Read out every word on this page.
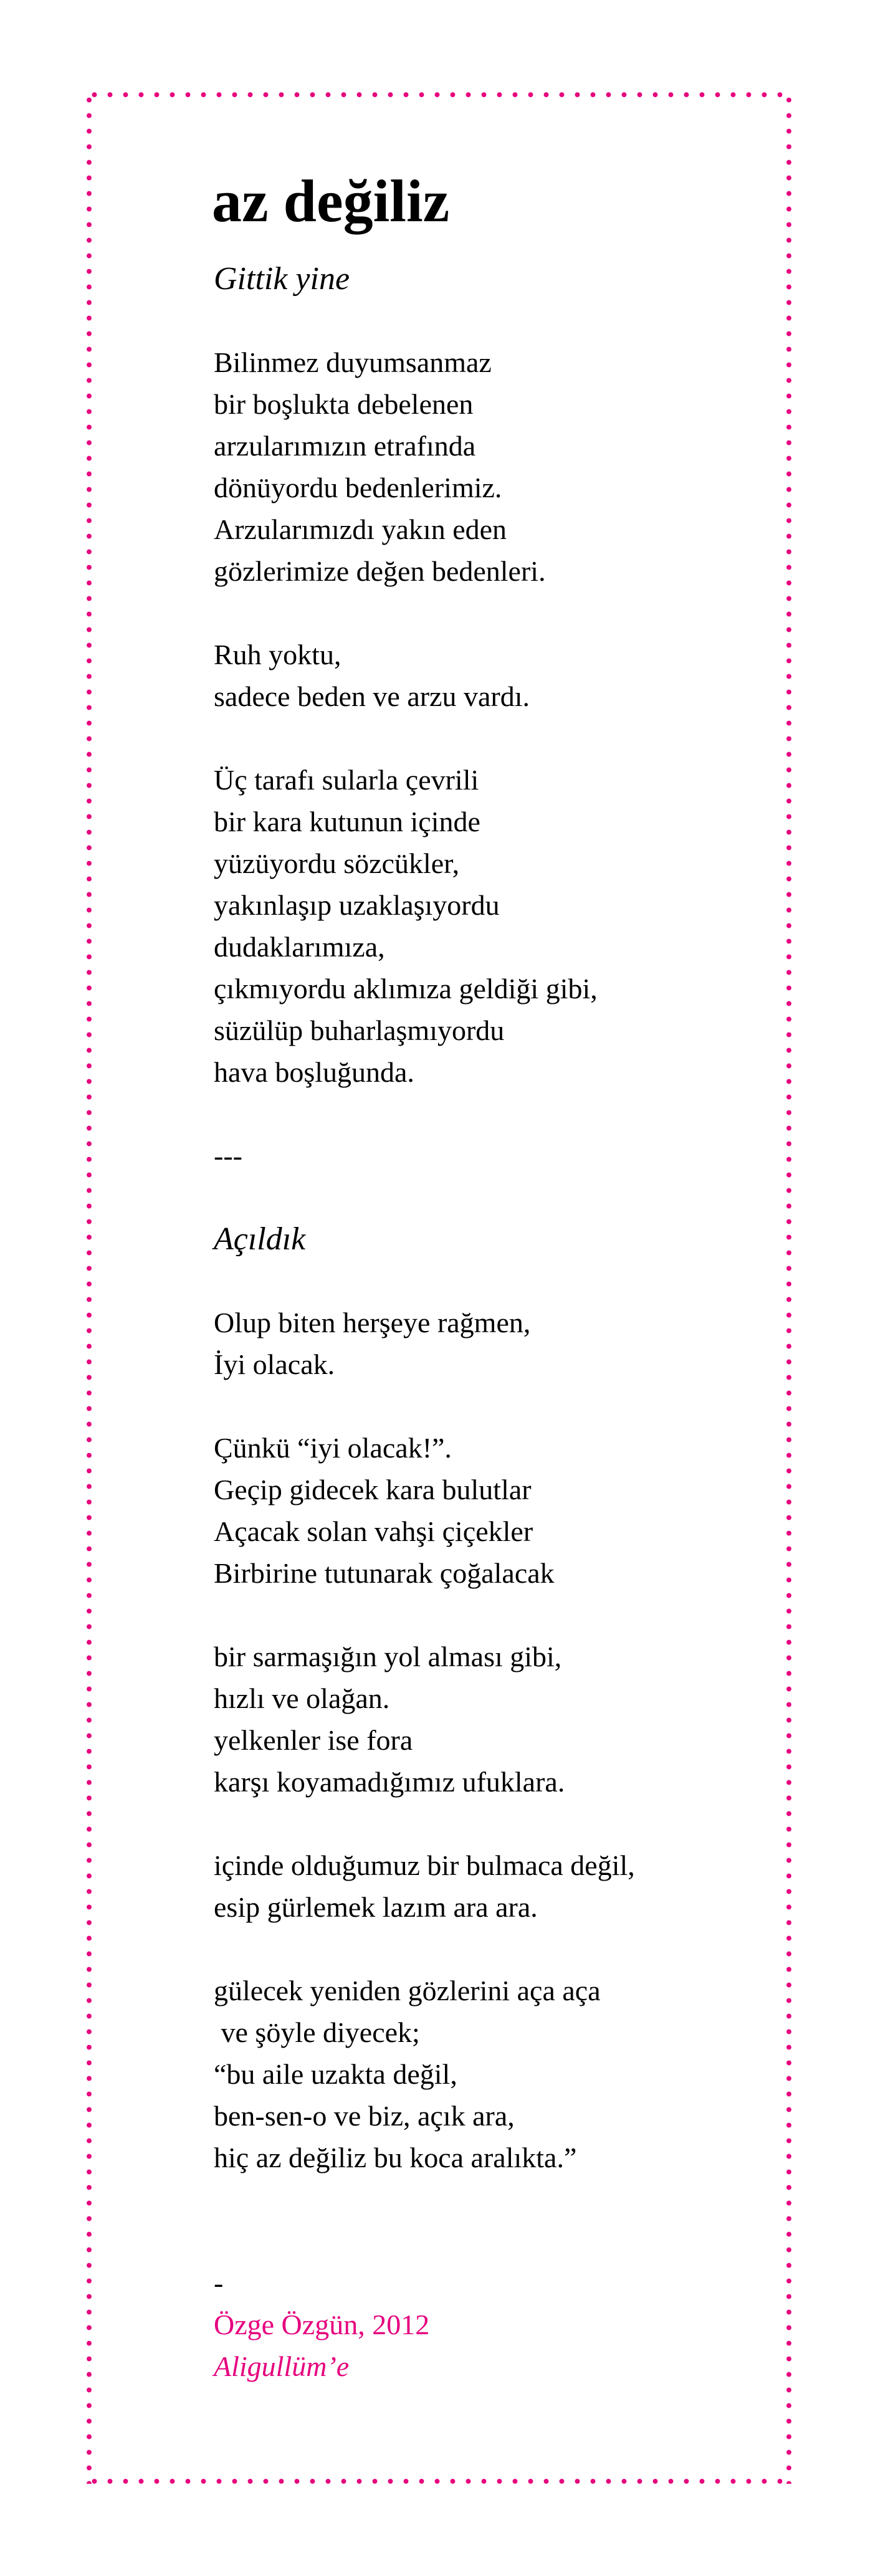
az değiliz
Gittik yine
Bilinmez duyumsanmaz
bir boşlukta debelenen
arzularımızın etrafında
dönüyordu bedenlerimiz.
Arzularımızdı yakın eden
gözlerimize değen bedenleri.
Ruh yoktu,
sadece beden ve arzu vardı.
Üç tarafı sularla çevrili
bir kara kutunun içinde
yüzüyordu sözcükler,
yakınlaşıp uzaklaşıyordu
dudaklarımıza,
çıkmıyordu aklımıza geldiği gibi,
süzülüp buharlaşmıyordu
hava boşluğunda.
---
Açıldık
Olup biten herşeye rağmen,
İyi olacak.
Çünkü “iyi olacak!”.
Geçip gidecek kara bulutlar
Açacak solan vahşi çiçekler
Birbirine tutunarak çoğalacak
bir sarmaşığın yol alması gibi,
hızlı ve olağan.
yelkenler ise fora
karşı koyamadığımız ufuklara.
içinde olduğumuz bir bulmaca değil,
esip gürlemek lazım ara ara.
gülecek yeniden gözlerini aça aça
ve şöyle diyecek;
“bu aile uzakta değil,
ben-sen-o ve biz, açık ara,
hiç az değiliz bu koca aralıkta.”
-
Özge Özgün, 2012
Aligullüm’e
